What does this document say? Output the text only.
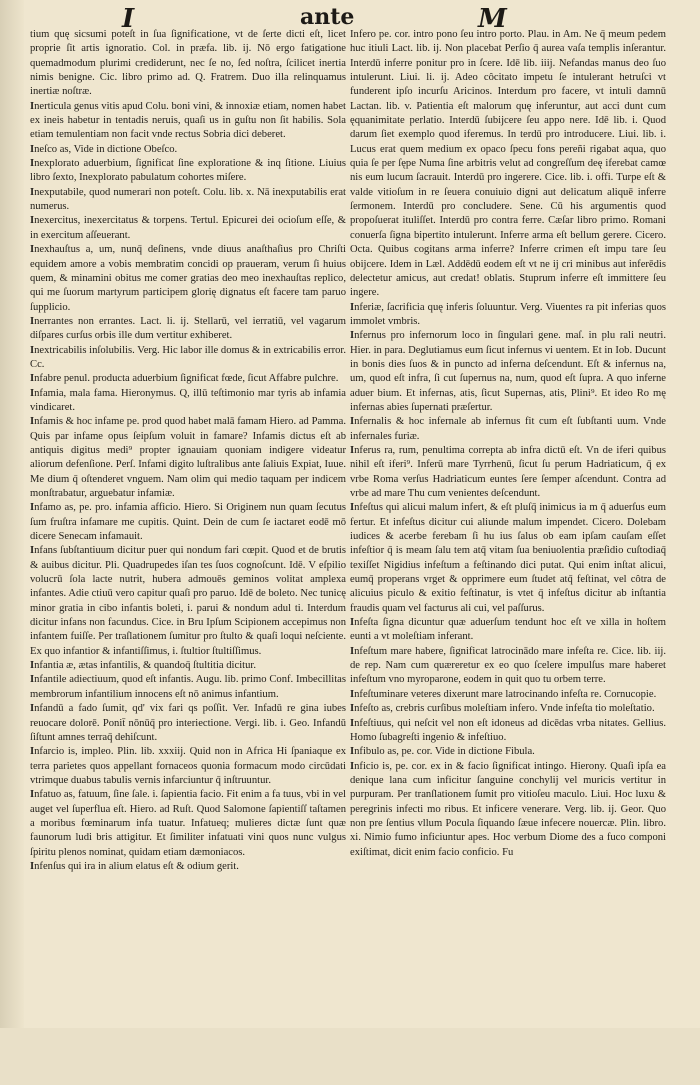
I	ante	M

tium quę sicsumi poteſt in ſua ſignificatione, vt de ſerte dicti eſt, licet proprie ſit artis ignoratio. Col. in præfa. lib. ij. Nō ergo fatigatione quemadmodum plurimi crediderunt, nec ſe no, ſed noſtra, ſcilicet inertia nimis benigne. Cic. libro primo ad. Q. Fratrem. Duo illa relinquamus inertiæ noſtræ.

Inerticula genus vitis apud Colu. boni vini, & innoxiæ etiam, nomen habet ex ineis habetur in tentadis neruis, quaſi us in guſtu non ſit habilis. Sola etiam temulentiam non facit vnde rectus Sobria dici deberet.

Ineſco as, Vide in dictione Obeſco.

Inexplorato aduerbium, ſignificat ſine exploratione & inq ſitione. Liuius libro ſexto, Inexplorato pabulatum cohortes miſere.

Inexputabile, quod numerari non poteſt. Colu. lib. x. Nā inexputabilis erat numerus.

Inexercitus, inexercitatus & torpens. Tertul. Epicurei dei ocioſum eſſe, & in exercitum aſſeuerant.

Inexhauſtus a, um, nunq̄ deſinens, vnde diuus anaſthaſius pro Chriſti equidem amore a vobis membratim concidi op praueram, verum ſi huius quem, & minamini obitus me comer gratias deo meo inexhauſtas replico, qui me ſuorum martyrum participem glorię dignatus eſt facere tam paruo ſupplicio.

Inerrantes non errantes. Lact. li. ij. Stellarū, vel ierratiū, vel vagarum diſpares curſus orbis ille dum vertitur exhiberet.

Inextricabilis inſolubilis. Verg. Hic labor ille domus & in extricabilis error. Cc.

Infabre penul. producta aduerbium ſignificat fœde, ſicut Affabre pulchre.

Infamia, mala fama. Hieronymus. Q, illū teſtimonio mar tyris ab infamia vindicaret.

Infamis & hoc infame pe. prod quod habet malā famam Hiero. ad Pamma. Quis par infame opus ſeipſum voluit in famare? Infamis dictus eſt ab antiquis digitus medi⁹ propter ignauiam quoniam indigere videatur aliorum defenſione. Perſ. Infami digito luſtralibus ante ſaliuis Expiat, Iuue. Me dium q̄ oſtenderet vnguem. Nam olim qui medio taquam per indicem monſtrabatur, arguebatur infamiæ.

Infamo as, pe. pro. infamia afficio. Hiero. Si Originem nun quam ſecutus ſum fruſtra infamare me cupitis. Quint. Dein de cum ſe iactaret eodē mō dicere Senecam infamauit.

Infans ſubſtantiuum dicitur puer qui nondum fari cœpit. Quod et de brutis & auibus dicitur. Pli. Quadrupedes iſan tes ſuos cognoſcunt. Idē. V eſpilio volucrū ſola lacte nutrit, hubera admouēs geminos volitat amplexa infantes. Adie ctiuū vero capitur quaſi pro paruo. Idē de boleto. Nec tunicę minor gratia in cibo infantis boleti, i. parui & nondum adul ti. Interdum dicitur infans non facundus. Cice. in Bru Ipſum Scipionem accepimus non infantem fuiſſe. Per traſlationem ſumitur pro ſtulto & quaſi loqui neſciente. Ex quo infantior & infantiſſimus, i. ſtultior ſtultiſſimus.

Infantia æ, ætas infantilis, & quandoq̄ ſtultitia dicitur.

Infantile adiectiuum, quod eſt infantis. Augu. lib. primo Conf. Imbecillitas membrorum infantilium innocens eſt nō animus infantium.

Infandū a fado ſumit, qd' vix fari qs poſſit. Ver. Infadū re gina iubes reuocare dolorē. Ponit̄ nōnūq̄ pro interiectione. Vergi. lib. i. Geo. Infandū ſiſtunt amnes terraq̄ dehiſcunt.

Infarcio is, impleo. Plin. lib. xxxiij. Quid non in Africa Hi ſpaniaque ex terra parietes quos appellant fornaceos quonia formacum modo circūdati vtrimque duabus tabulis vernis infarciuntur q̄ inſtruuntur.

Infatuo as, fatuum, ſine ſale. i. ſapientia facio. Fit enim a fa tuus, vbi in vel auget vel ſuperflua eſt. Hiero. ad Ruſt. Quod Salomone ſapientiſſ taſtamen a moribus fœminarum infa tuatur. Infatueq; mulieres dictæ ſunt quæ faunorum ludi bris attigitur. Et ſimiliter infatuati vini quos nunc vulgus ſpiritu plenos nominat, quidam etiam dæmoniacos.

Infenſus qui ira in alium elatus eſt & odium gerit.

Infero pe. cor. intro pono ſeu intro porto. Plau. in Am. Ne q̄ meum pedem huc itiuli Lact. lib. ij. Non placebat Perſio q̄ aurea vaſa templis inſerantur. Interdū inferre ponitur pro in ſcere. Idē lib. iiij. Nefandas manus deo ſuo intulerunt. Liui. li. ij. Adeo côcitato impetu ſe intulerant hetruſci vt funderent ipſo incurſu Aricinos. Interdum pro facere, vt intuli damnū Lactan. lib. v. Patientia eſt malorum quę inferuntur, aut acci dunt cum ęquanimitate perlatio. Interdū ſubijcere ſeu appo nere. Idē lib. i. Quod darum ſiet exemplo quod iferemus. In terdū pro introducere. Liui. lib. i. Lucus erat quem medium ex opaco ſpecu fons pereñi rigabat aqua, quo quia ſe per ſępe Numa ſine arbitris velut ad congreſſum deę iferebat camœ nis eum lucum ſacrauit. Interdū pro ingerere. Cice. lib. i. offi. Turpe eſt & valde vitioſum in re ſeuera conuiuio digni aut delicatum aliquē inferre ſermonem. Interdū pro concludere. Sene. Cū his argumentis quod propoſuerat ituliſſet. Interdū pro contra ferre. Cæſar libro primo. Romani conuerſa ſigna bipertito intulerunt. Inferre arma eſt bellum gerere. Cicero. Octa. Quibus cogitans arma inferre? Inferre crimen eſt impu tare ſeu obijcere. Idem in Læl. Addēdū eodem eſt vt ne ij cri minibus aut inferēdis delectetur amicus, aut credat! oblatis. Stuprum inferre eſt immittere ſeu ingere.

Inferiæ, ſacrificia quę inferis ſoluuntur. Verg. Viuentes ra pit inferias quos immolet vmbris.

Infernus pro infernorum loco in ſingulari gene. maſ. in plu rali neutri. Hier. in para. Deglutiamus eum ſicut infernus vi uentem. Et in Iob. Ducunt in bonis dies ſuos & in puncto ad inferna deſcendunt. Eſt & infernus na, um, quod eſt infra, ſi cut ſupernus na, num, quod eſt ſupra. A quo inferne aduer bium. Et infernas, atis, ſicut Supernas, atis, Plini⁹. Et ideo Ro mę infernas abies ſupernati præſertur.

Infernalis & hoc infernale ab infernus fit cum eſt ſubſtanti uum. Vnde infernales furiæ.

Inferus ra, rum, penultima correpta ab infra dictū eſt. Vn de iferi quibus nihil eſt iferi⁹. Inferū mare Tyrrhenū, ſicut ſu perum Hadriaticum, q̄ ex vrbe Roma verſus Hadriaticum euntes ſere ſemper aſcendunt. Contra ad vrbe ad mare Thu cum venientes deſcendunt.

Infeſtus qui alicui malum infert, & eſt pluſq̄ inimicus ia m q̄ aduerſus eum fertur. Et infeſtus dicitur cui aliunde malum impendet. Cicero. Dolebam iudices & acerbe ferebam ſi hu ius ſalus ob eam ipſam cauſam eſſet infeſtior q̄ is meam ſalu tem atq̄ vitam ſua beniuolentia præſidio cuſtodiaq̄ texiſſet Nigidius infeſtum a feſtinando dici putat. Qui enim inſtat alicui, eumq̄ properans vrget & opprimere eum ſtudet atq̄ feſtinat, vel côtra de alicuius piculo & exitio feſtinatur, is vtet q̄ infeſtus dicitur ab inſtantia fraudis quam vel facturus ali cui, vel paſſurus.

Infeſta ſigna dicuntur quæ aduerſum tendunt hoc eſt ve xilla in hoſtem eunti a vt moleſtiam inferant.

Infeſtum mare habere, ſignificat latrocinādo mare infeſta re. Cice. lib. iij. de rep. Nam cum quæreretur ex eo quo ſcelere impulſus mare haberet infeſtum vno myroparone, eodem in quit quo tu orbem terre.

Infeſtuminare veteres dixerunt mare latrocinando infeſta re. Cornucopie.

Infeſto as, crebris curſibus moleſtiam infero. Vnde infeſta tio moleſtatio.

Infeſtiuus, qui neſcit vel non eſt idoneus ad dicēdas vrba nitates. Gellius. Homo ſubagreſti ingenio & infeſtiuo.

Infibulo as, pe. cor. Vide in dictione Fibula.

Inficio is, pe. cor. ex in & facio ſignificat intingo. Hierony. Quaſi ipſa ea denique lana cum inficitur ſanguine conchylij vel muricis vertitur in purpuram. Per tranſlationem ſumit pro vitioſeu maculo. Liui. Hoc luxu & peregrinis infecti mo ribus. Et inficere venerare. Verg. lib. ij. Geor. Quo non pre ſentius vllum Pocula ſiquando ſæue infecere nouercæ. Plin. libro. xi. Nimio fumo inficiuntur apes. Hoc verbum Diome des a fuco componi exiſtimat, dicit enim facio conficio. Fu
